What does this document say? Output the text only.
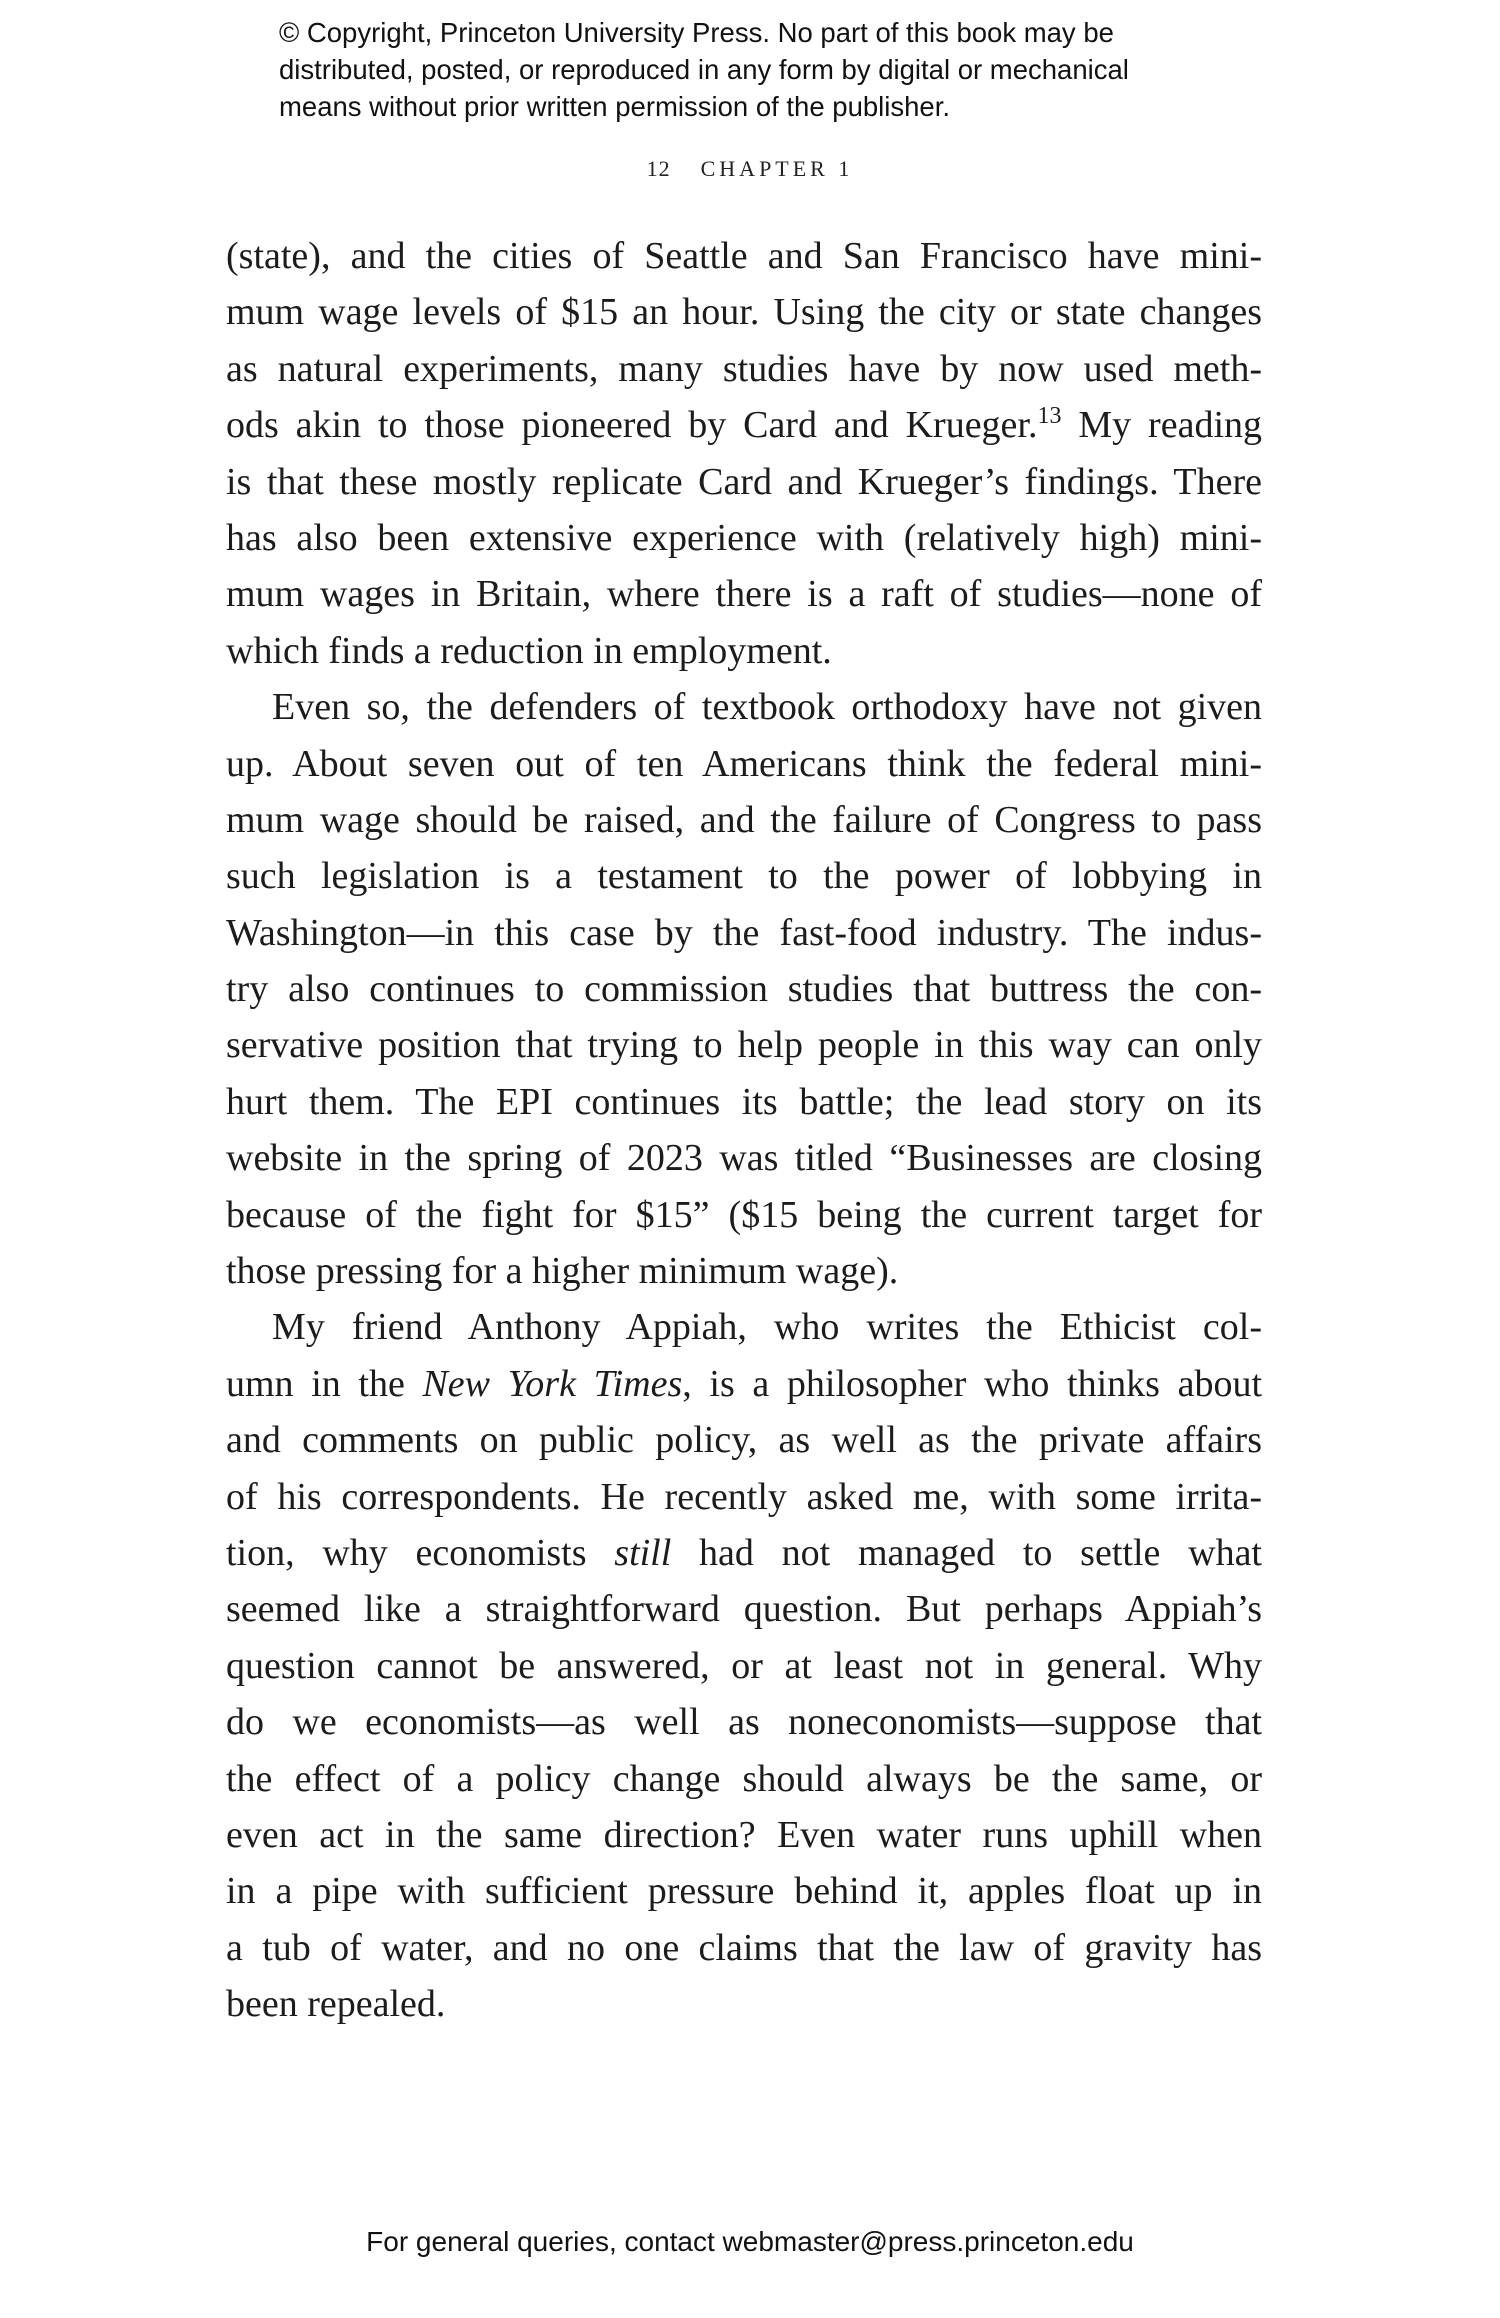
© Copyright, Princeton University Press. No part of this book may be
distributed, posted, or reproduced in any form by digital or mechanical
means without prior written permission of the publisher.
12 CHAPTER 1
(state), and the cities of Seattle and San Francisco have mini-
mum wage levels of $15 an hour. Using the city or state changes
as natural experiments, many studies have by now used meth-
ods akin to those pioneered by Card and Krueger.$^{13}$ My reading
is that these mostly replicate Card and Krueger’s findings. There
has also been extensive experience with (relatively high) mini-
mum wages in Britain, where there is a raft of studies—none of
which finds a reduction in employment.
Even so, the defenders of textbook orthodoxy have not given
up. About seven out of ten Americans think the federal mini-
mum wage should be raised, and the failure of Congress to pass
such legislation is a testament to the power of lobbying in
Washington—in this case by the fast-food industry. The indus-
try also continues to commission studies that buttress the con-
servative position that trying to help people in this way can only
hurt them. The EPI continues its battle; the lead story on its
website in the spring of 2023 was titled “Businesses are closing
because of the fight for $15” ($15 being the current target for
those pressing for a higher minimum wage).
My friend Anthony Appiah, who writes the Ethicist col-
umn in the New York Times, is a philosopher who thinks about
and comments on public policy, as well as the private affairs
of his correspondents. He recently asked me, with some irrita-
tion, why economists still had not managed to settle what
seemed like a straightforward question. But perhaps Appiah’s
question cannot be answered, or at least not in general. Why
do we economists—as well as noneconomists—suppose that
the effect of a policy change should always be the same, or
even act in the same direction? Even water runs uphill when
in a pipe with sufficient pressure behind it, apples float up in
a tub of water, and no one claims that the law of gravity has
been repealed.
For general queries, contact webmaster@press.princeton.edu
